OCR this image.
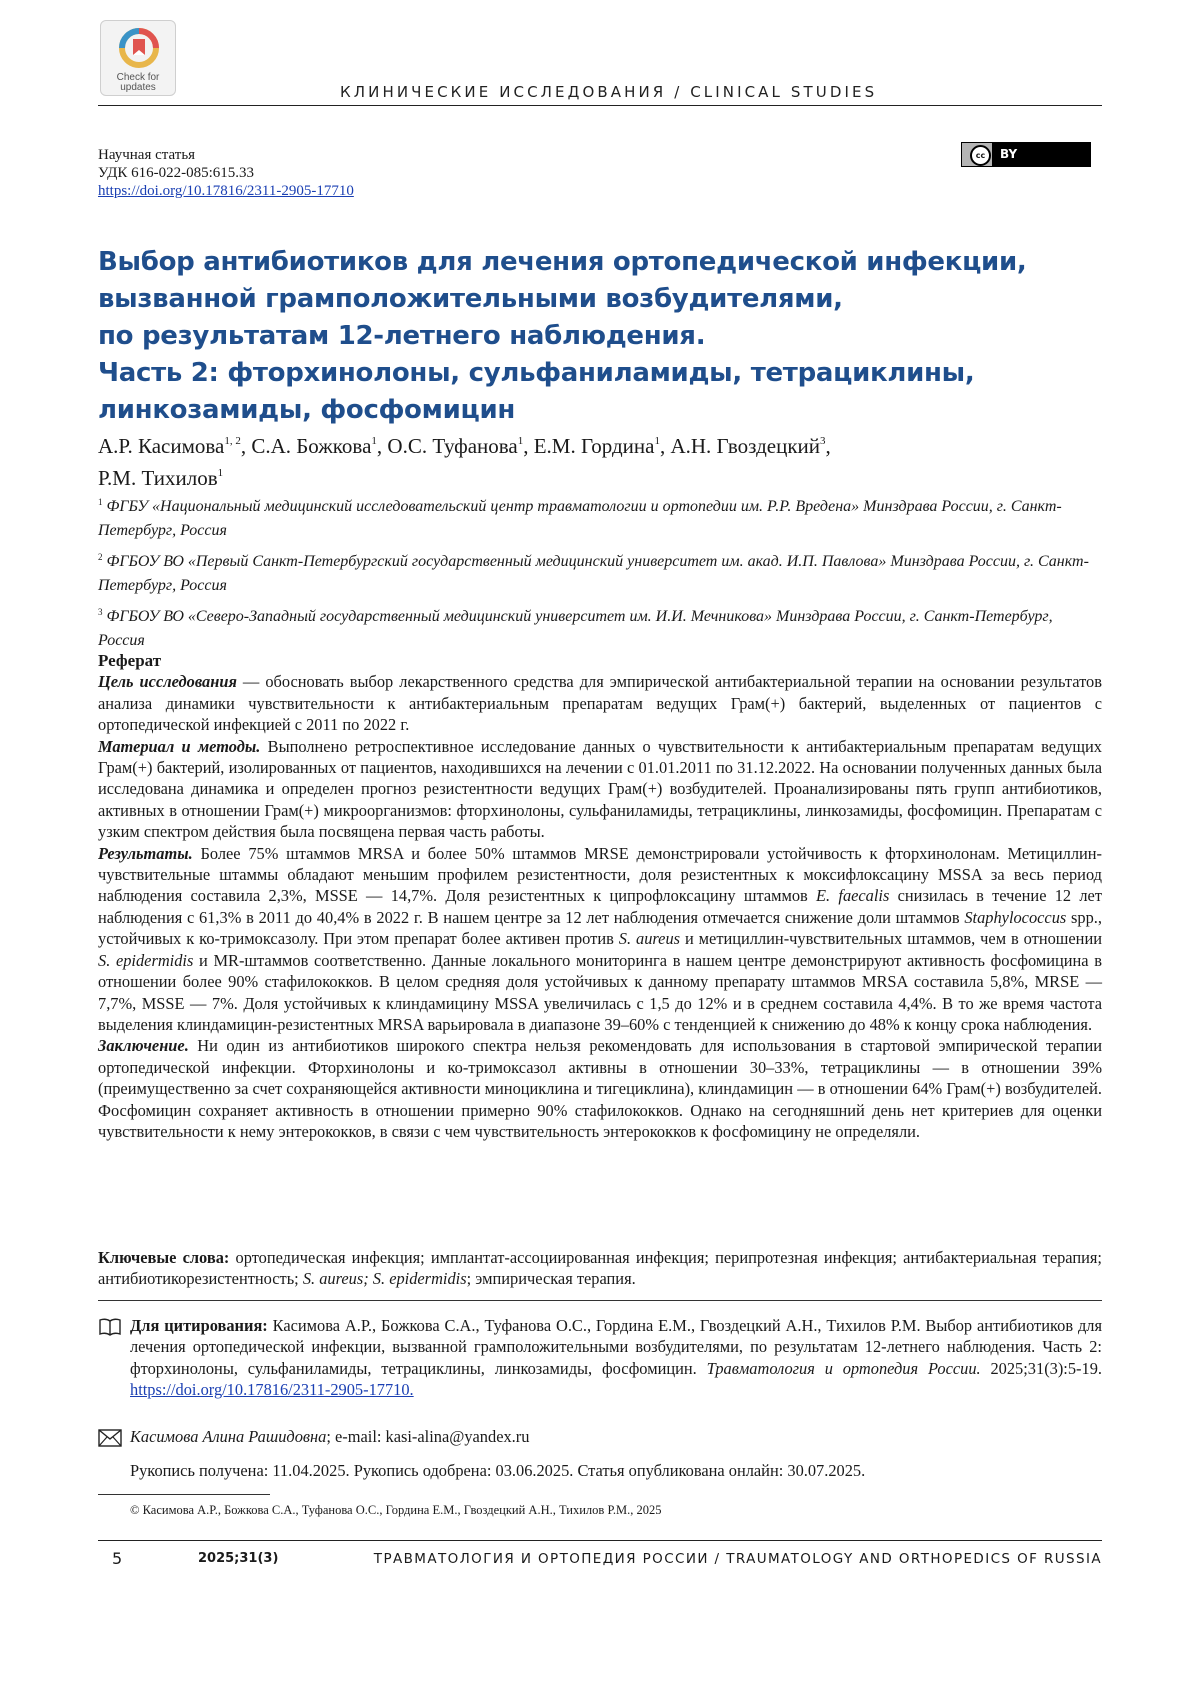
Check for updates	КЛИНИЧЕСКИЕ ИССЛЕДОВАНИЯ / CLINICAL STUDIES
Научная статья
УДК 616-022-085:615.33
https://doi.org/10.17816/2311-2905-17710
cc	BY
Выбор антибиотиков для лечения ортопедической инфекции,
вызванной грамположительными возбудителями,
по результатам 12-летнего наблюдения.
Часть 2: фторхинолоны, сульфаниламиды, тетрациклины,
линкозамиды, фосфомицин
А.Р. Касимова1, 2, С.А. Божкова1, О.С. Туфанова1, Е.М. Гордина1, А.Н. Гвоздецкий3,
Р.М. Тихилов1
1 ФГБУ «Национальный медицинский исследовательский центр травматологии и ортопедии им. Р.Р. Вредена» Минздрава России, г. Санкт-Петербург, Россия
2 ФГБОУ ВО «Первый Санкт-Петербургский государственный медицинский университет им. акад. И.П. Павлова» Минздрава России, г. Санкт-Петербург, Россия
3 ФГБОУ ВО «Северо-Западный государственный медицинский университет им. И.И. Мечникова» Минздрава России, г. Санкт-Петербург, Россия
Реферат

Цель исследования — обосновать выбор лекарственного средства для эмпирической антибактериальной терапии на основании результатов анализа динамики чувствительности к антибактериальным препаратам ведущих Грам(+) бактерий, выделенных от пациентов с ортопедической инфекцией с 2011 по 2022 г.

Материал и методы. Выполнено ретроспективное исследование данных о чувствительности к антибактериальным препаратам ведущих Грам(+) бактерий, изолированных от пациентов, находившихся на лечении с 01.01.2011 по 31.12.2022. На основании полученных данных была исследована динамика и определен прогноз резистентности ведущих Грам(+) возбудителей. Проанализированы пять групп антибиотиков, активных в отношении Грам(+) микроорганизмов: фторхинолоны, сульфаниламиды, тетрациклины, линкозамиды, фосфомицин. Препаратам с узким спектром действия была посвящена первая часть работы.

Результаты. Более 75% штаммов MRSA и более 50% штаммов MRSE демонстрировали устойчивость к фторхинолонам. Метициллин-чувствительные штаммы обладают меньшим профилем резистентности, доля резистентных к моксифлоксацину MSSA за весь период наблюдения составила 2,3%, MSSE — 14,7%. Доля резистентных к ципрофлоксацину штаммов E. faecalis снизилась в течение 12 лет наблюдения с 61,3% в 2011 до 40,4% в 2022 г. В нашем центре за 12 лет наблюдения отмечается снижение доли штаммов Staphylococcus spp., устойчивых к ко-тримоксазолу. При этом препарат более активен против S. aureus и метициллин-чувствительных штаммов, чем в отношении S. epidermidis и MR-штаммов соответственно. Данные локального мониторинга в нашем центре демонстрируют активность фосфомицина в отношении более 90% стафилококков. В целом средняя доля устойчивых к данному препарату штаммов MRSA составила 5,8%, MRSE — 7,7%, MSSE — 7%. Доля устойчивых к клиндамицину MSSA увеличилась с 1,5 до 12% и в среднем составила 4,4%. В то же время частота выделения клиндамицин-резистентных MRSA варьировала в диапазоне 39–60% с тенденцией к снижению до 48% к концу срока наблюдения.

Заключение. Ни один из антибиотиков широкого спектра нельзя рекомендовать для использования в стартовой эмпирической терапии ортопедической инфекции. Фторхинолоны и ко-тримоксазол активны в отношении 30–33%, тетрациклины — в отношении 39% (преимущественно за счет сохраняющейся активности миноциклина и тигециклина), клиндамицин — в отношении 64% Грам(+) возбудителей. Фосфомицин сохраняет активность в отношении примерно 90% стафилококков. Однако на сегодняшний день нет критериев для оценки чувствительности к нему энтерококков, в связи с чем чувствительность энтерококков к фосфомицину не определяли.

Ключевые слова: ортопедическая инфекция; имплантат-ассоциированная инфекция; перипротезная инфекция; антибактериальная терапия; антибиотикорезистентность; S. aureus; S. epidermidis; эмпирическая терапия.
Для цитирования: Касимова А.Р., Божкова С.А., Туфанова О.С., Гордина Е.М., Гвоздецкий А.Н., Тихилов Р.М. Выбор антибиотиков для лечения ортопедической инфекции, вызванной грамположительными возбудителями, по результатам 12-летнего наблюдения. Часть 2: фторхинолоны, сульфаниламиды, тетрациклины, линкозамиды, фосфомицин. Травматология и ортопедия России. 2025;31(3):5-19. https://doi.org/10.17816/2311-2905-17710.
Касимова Алина Рашидовна; e-mail: kasi-alina@yandex.ru
Рукопись получена: 11.04.2025. Рукопись одобрена: 03.06.2025. Статья опубликована онлайн: 30.07.2025.
© Касимова А.Р., Божкова С.А., Туфанова О.С., Гордина Е.М., Гвоздецкий А.Н., Тихилов Р.М., 2025
5	2025;31(3)	ТРАВМАТОЛОГИЯ И ОРТОПЕДИЯ РОССИИ / TRAUMATOLOGY AND ORTHOPEDICS OF RUSSIA
